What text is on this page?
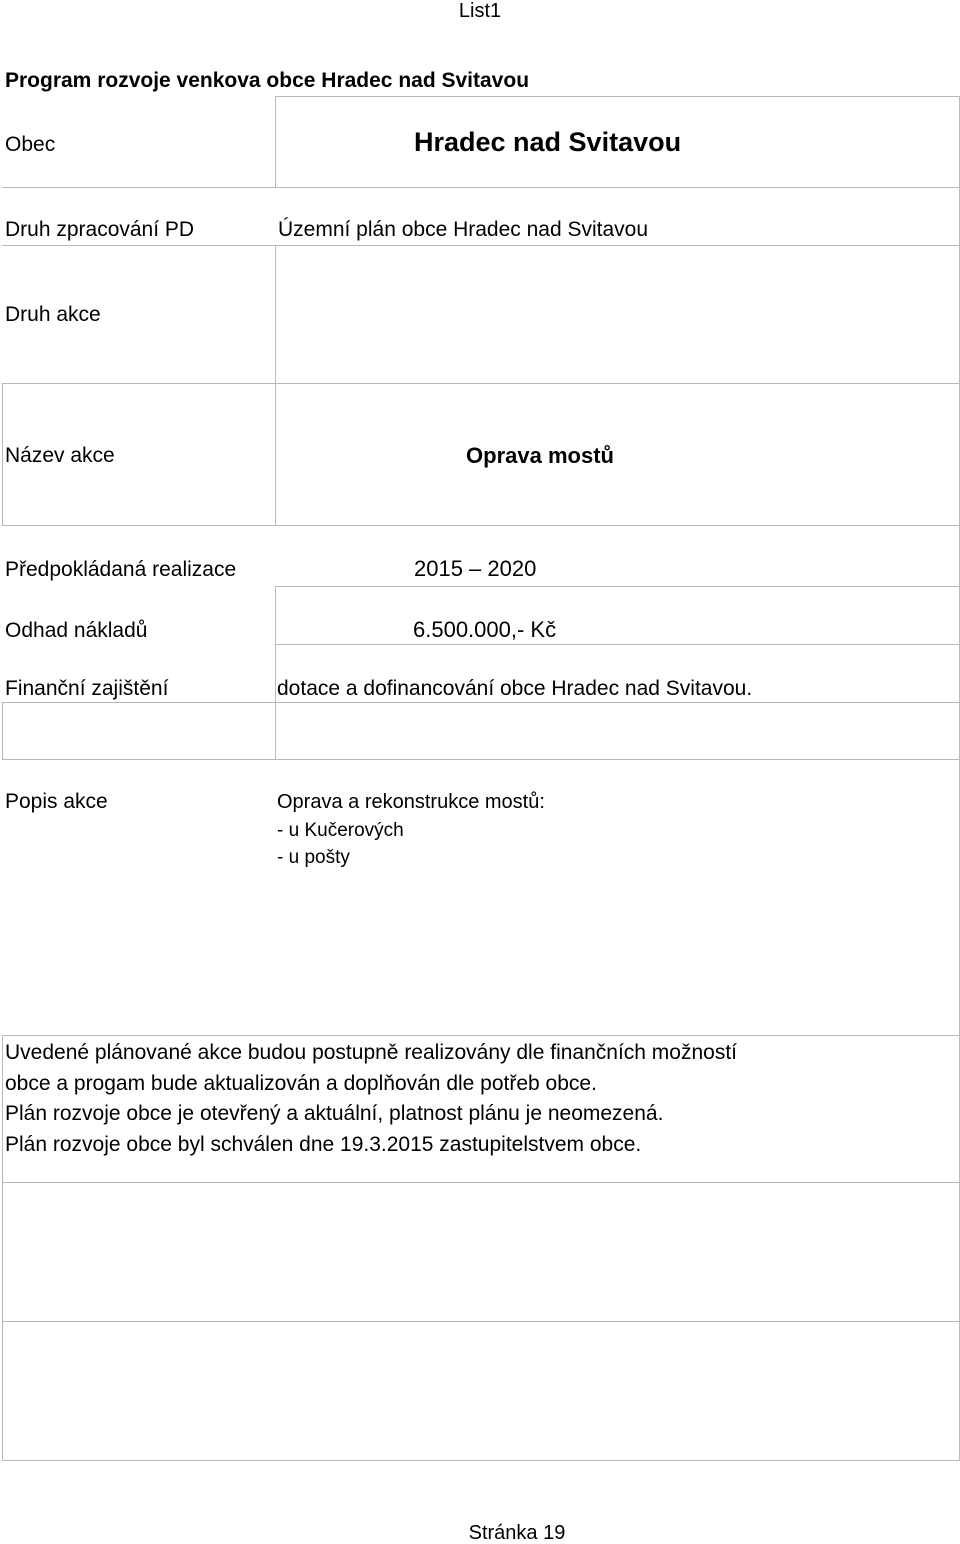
List1
Program rozvoje venkova obce Hradec nad Svitavou
Obec	Hradec nad Svitavou
Druh zpracování PD	Územní plán obce Hradec nad Svitavou
Druh akce
Název akce	Oprava mostů
Předpokládaná realizace	2015 – 2020
Odhad nákladů	6.500.000,- Kč
Finanční zajištění	dotace a dofinancování obce Hradec nad Svitavou.
Popis akce	Oprava a rekonstrukce mostů:
- u Kučerových
- u pošty
Uvedené plánované akce budou postupně realizovány dle finančních možností
obce a progam bude aktualizován a doplňován dle potřeb obce.
Plán rozvoje obce je otevřený a aktuální, platnost plánu je neomezená.
Plán rozvoje obce byl schválen dne 19.3.2015 zastupitelstvem obce.
Stránka 19
